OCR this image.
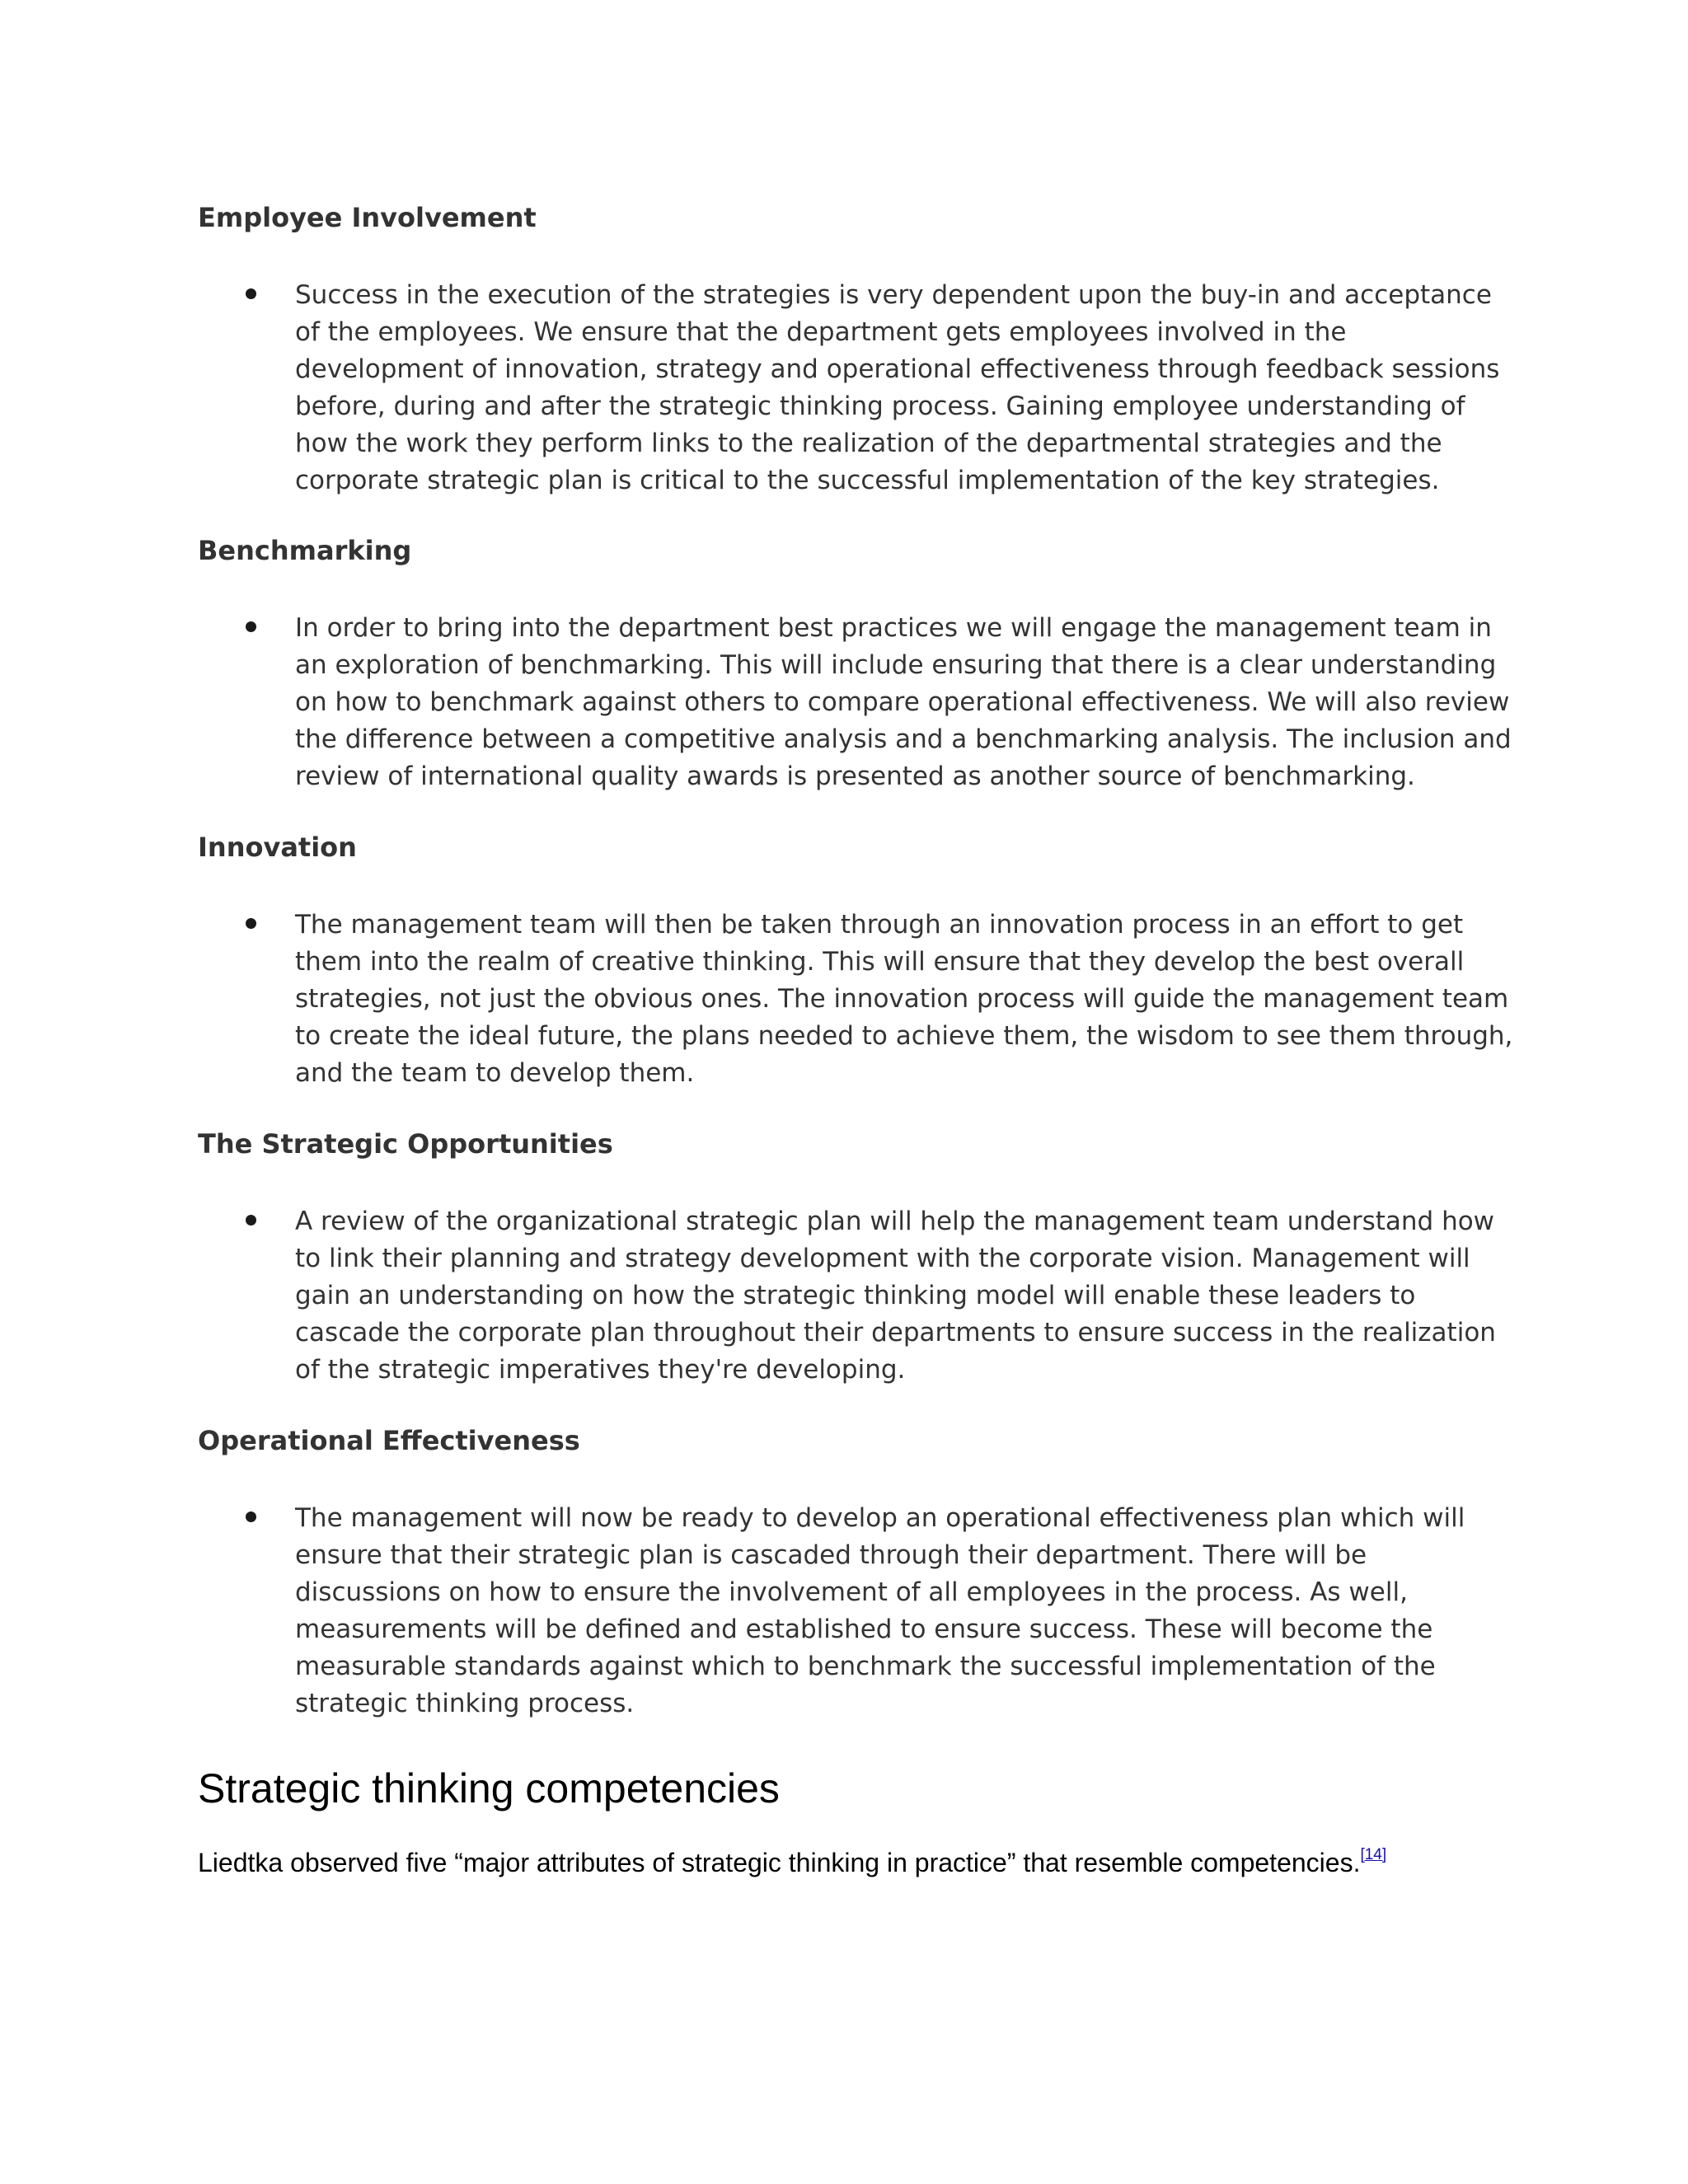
Employee Involvement

Success in the execution of the strategies is very dependent upon the buy-in and acceptance
of the employees. We ensure that the department gets employees involved in the
development of innovation, strategy and operational effectiveness through feedback sessions
before, during and after the strategic thinking process. Gaining employee understanding of
how the work they perform links to the realization of the departmental strategies and the
corporate strategic plan is critical to the successful implementation of the key strategies.

Benchmarking

In order to bring into the department best practices we will engage the management team in
an exploration of benchmarking. This will include ensuring that there is a clear understanding
on how to benchmark against others to compare operational effectiveness. We will also review
the difference between a competitive analysis and a benchmarking analysis. The inclusion and
review of international quality awards is presented as another source of benchmarking.

Innovation

The management team will then be taken through an innovation process in an effort to get
them into the realm of creative thinking. This will ensure that they develop the best overall
strategies, not just the obvious ones. The innovation process will guide the management team
to create the ideal future, the plans needed to achieve them, the wisdom to see them through,
and the team to develop them.

The Strategic Opportunities

A review of the organizational strategic plan will help the management team understand how
to link their planning and strategy development with the corporate vision. Management will
gain an understanding on how the strategic thinking model will enable these leaders to
cascade the corporate plan throughout their departments to ensure success in the realization
of the strategic imperatives they're developing.

Operational Effectiveness

The management will now be ready to develop an operational effectiveness plan which will
ensure that their strategic plan is cascaded through their department. There will be
discussions on how to ensure the involvement of all employees in the process. As well,
measurements will be defined and established to ensure success. These will become the
measurable standards against which to benchmark the successful implementation of the
strategic thinking process.

Strategic thinking competencies

Liedtka observed five “major attributes of strategic thinking in practice” that resemble competencies.[14]
